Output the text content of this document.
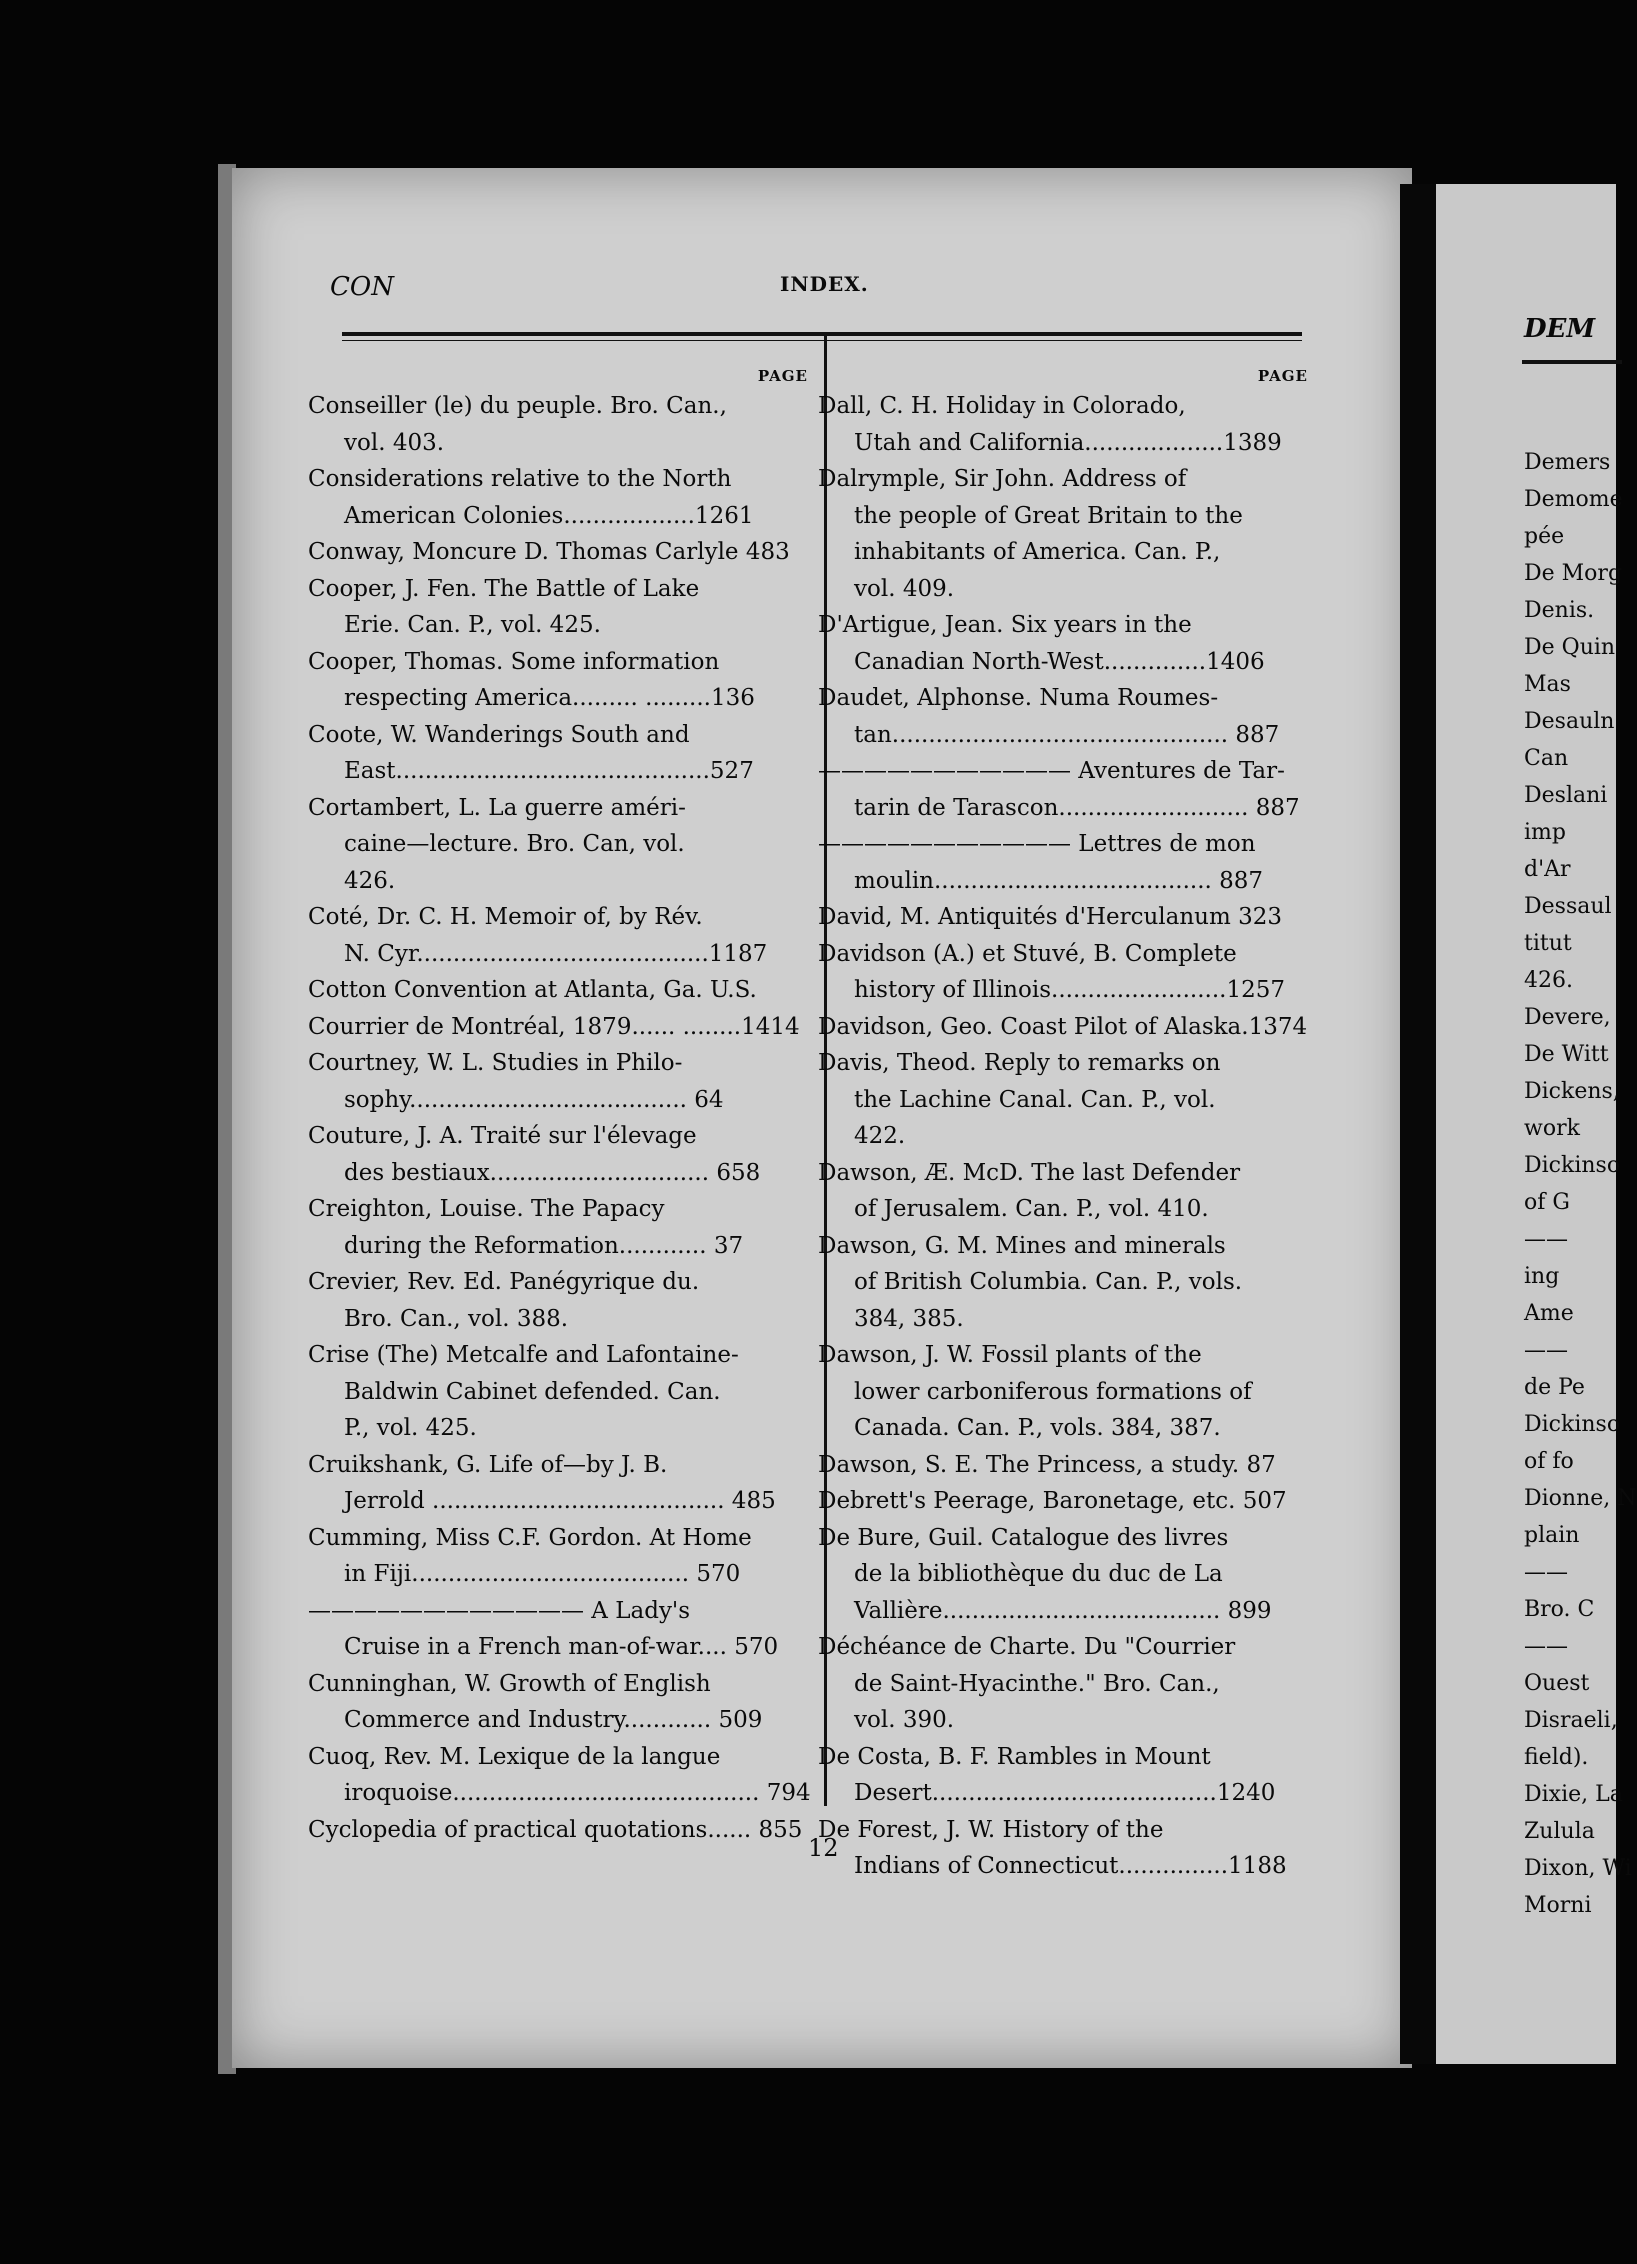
CON	INDEX.
PAGE
Conseiller (le) du peuple. Bro. Can.,
vol. 403.
Considerations relative to the North
American Colonies..................1261
Conway, Moncure D. Thomas Carlyle 483
Cooper, J. Fen. The Battle of Lake
Erie. Can. P., vol. 425.
Cooper, Thomas. Some information
respecting America......... .........136
Coote, W. Wanderings South and
East...........................................527
Cortambert, L. La guerre améri-
caine—lecture. Bro. Can, vol.
426.
Coté, Dr. C. H. Memoir of, by Rév.
N. Cyr........................................1187
Cotton Convention at Atlanta, Ga. U.S.
Courrier de Montréal, 1879...... ........1414
Courtney, W. L. Studies in Philo-
sophy...................................... 64
Couture, J. A. Traité sur l'élevage
des bestiaux.............................. 658
Creighton, Louise. The Papacy
during the Reformation............ 37
Crevier, Rev. Ed. Panégyrique du.
Bro. Can., vol. 388.
Crise (The) Metcalfe and Lafontaine-
Baldwin Cabinet defended. Can.
P., vol. 425.
Cruikshank, G. Life of—by J. B.
Jerrold ........................................ 485
Cumming, Miss C.F. Gordon. At Home
in Fiji...................................... 570
———————————— A Lady's
Cruise in a French man-of-war.... 570
Cunninghan, W. Growth of English
Commerce and Industry............ 509
Cuoq, Rev. M. Lexique de la langue
iroquoise.......................................... 794
Cyclopedia of practical quotations...... 855
PAGE
Dall, C. H. Holiday in Colorado,
Utah and California...................1389
Dalrymple, Sir John. Address of
the people of Great Britain to the
inhabitants of America. Can. P.,
vol. 409.
D'Artigue, Jean. Six years in the
Canadian North-West..............1406
Daudet, Alphonse. Numa Roumes-
tan.............................................. 887
——————————— Aventures de Tar-
tarin de Tarascon.......................... 887
——————————— Lettres de mon
moulin...................................... 887
David, M. Antiquités d'Herculanum 323
Davidson (A.) et Stuvé, B. Complete
history of Illinois........................1257
Davidson, Geo. Coast Pilot of Alaska.1374
Davis, Theod. Reply to remarks on
the Lachine Canal. Can. P., vol.
422.
Dawson, Æ. McD. The last Defender
of Jerusalem. Can. P., vol. 410.
Dawson, G. M. Mines and minerals
of British Columbia. Can. P., vols.
384, 385.
Dawson, J. W. Fossil plants of the
lower carboniferous formations of
Canada. Can. P., vols. 384, 387.
Dawson, S. E. The Princess, a study. 87
Debrett's Peerage, Baronetage, etc. 507
De Bure, Guil. Catalogue des livres
de la bibliothèque du duc de La
Vallière...................................... 899
Déchéance de Charte. Du "Courrier
de Saint-Hyacinthe." Bro. Can.,
vol. 390.
De Costa, B. F. Rambles in Mount
Desert.......................................1240
De Forest, J. W. History of the
Indians of Connecticut...............1188
12
DEM
Demers
Demome
pée
De Morg
Denis.
De Quin
Mas
Desauln
Can
Deslani
imp
d'Ar
Dessaul
titut
426.
Devere,
De Witt
Dickens,
work
Dickinso
of G
——
ing
Ame
——
de Pe
Dickinso
of fo
Dionne, N
plain
——
Bro. C
——
Ouest
Disraeli,
field).
Dixie, La
Zulula
Dixon, Wi
Morni
